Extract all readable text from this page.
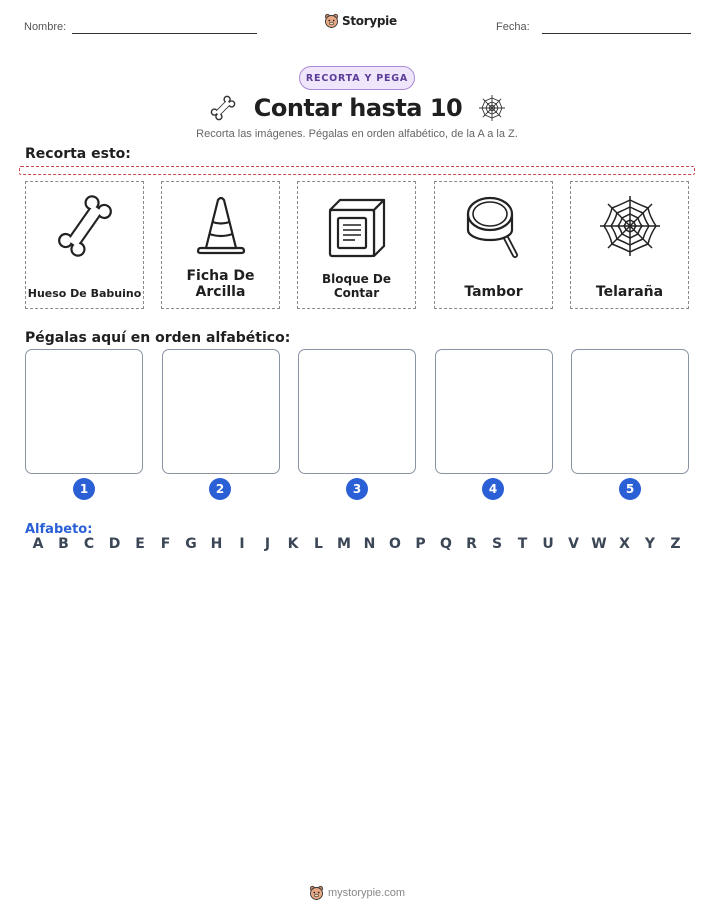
Nombre:	Storypie	Fecha:
RECORTA Y PEGA
Contar hasta 10
Recorta las imágenes. Pégalas en orden alfabético, de la A a la Z.
Recorta esto:
Hueso De Babuino
Ficha De Arcilla
Bloque De Contar	Tambor	Telaraña
Pégalas aquí en orden alfabético:
1	2	3	4	5
Alfabeto:
A	B	C	D	E	F	G H	I	J	K	L	M N O	P	Q	R	S	T	U	V W X	Y	Z
mystorypie.com
